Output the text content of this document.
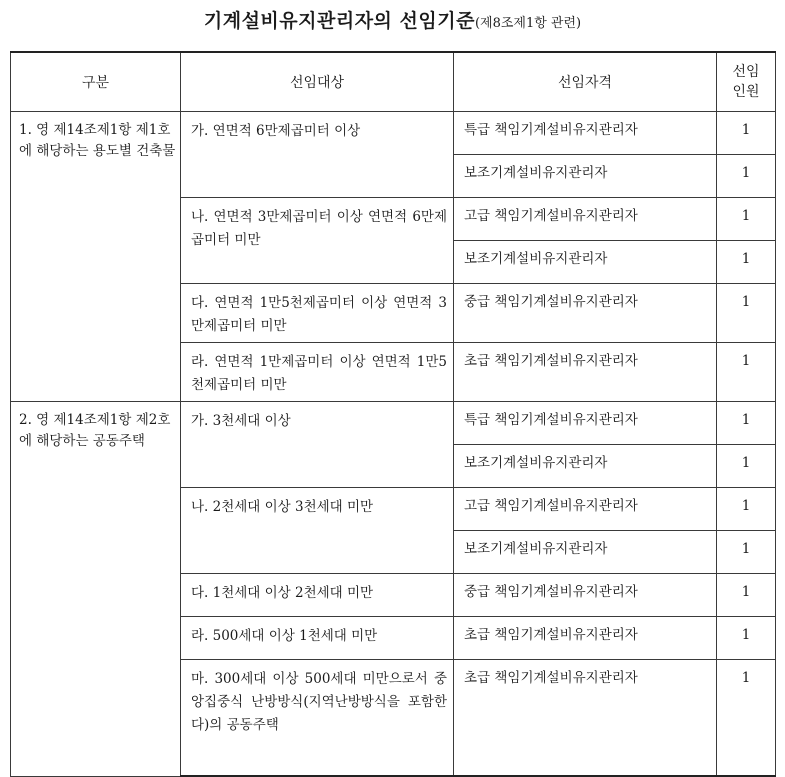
기계설비유지관리자의 선임기준(제8조제1항 관련)
구분	선임대상	선임자격	선임
인원
1. 영 제14조제1항 제1호에 해당하는 용도별 건축물	가. 연면적 6만제곱미터 이상	특급 책임기계설비유지관리자	1
		보조기계설비유지관리자	1
	나. 연면적 3만제곱미터 이상 연면적 6만제곱미터 미만	고급 책임기계설비유지관리자	1
		보조기계설비유지관리자	1
	다. 연면적 1만5천제곱미터 이상 연면적 3만제곱미터 미만	중급 책임기계설비유지관리자	1
	라. 연면적 1만제곱미터 이상 연면적 1만5천제곱미터 미만	초급 책임기계설비유지관리자	1
2. 영 제14조제1항 제2호에 해당하는 공동주택	가. 3천세대 이상	특급 책임기계설비유지관리자	1
		보조기계설비유지관리자	1
	나. 2천세대 이상 3천세대 미만	고급 책임기계설비유지관리자	1
		보조기계설비유지관리자	1
	다. 1천세대 이상 2천세대 미만	중급 책임기계설비유지관리자	1
	라. 500세대 이상 1천세대 미만	초급 책임기계설비유지관리자	1
	마. 300세대 이상 500세대 미만으로서 중앙집중식 난방방식(지역난방방식을 포함한다)의 공동주택	초급 책임기계설비유지관리자	1
